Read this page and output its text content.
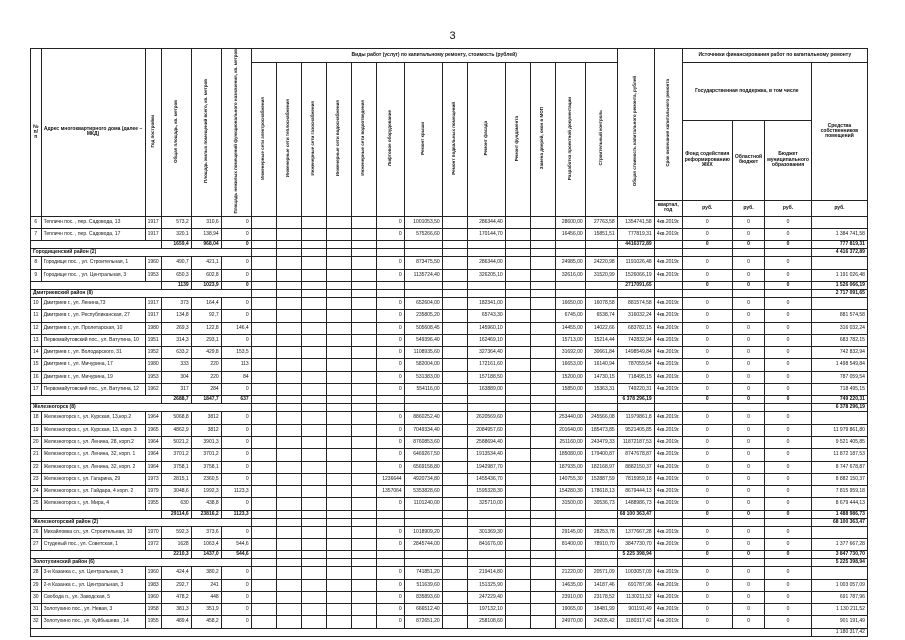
3
№ п/п	Адрес многоквартирного дома (далее – МКД)	Год постройки	Общая площадь, кв. метров	Площадь жилых помещений всего, кв. метров	Площадь нежилых помещений функционального назначения, кв. метров	Виды работ (услуг) по капитальному ремонту, стоимость (рублей)													Общая стоимость капитального ремонта, рублей	Срок окончания капитального ремонта	Источники финансирования работ по капитальному ремонту			
						Инженерные сети электроснабжения	Инженерные сети теплоснабжения	Инженерные сети газоснабжения	Инженерные сети водоснабжения	Инженерные сети водоотведения	Лифтовое оборудование	Ремонт крыши	Ремонт подвальных помещений	Ремонт фасада	Ремонт фундамента	Замена дверей, окон в МОП	Разработка проектной документации	Строительный контроль			Государственная поддержка, в том числе			Средства собственников помещений
																					Фонд содействия реформированию ЖКХ	Областной бюджет	Бюджет муниципального образования	
																				квартал, год	руб.	руб.	руб.	руб.
6	Тепличн пос. , пер. Садовода, 13	1917	573,2	310,6	0						0	1001053,50		286344,40			28600,00	27763,58	1354741,58	4кв.2019г.	0	0	0	
7	Тепличн пос. , пер. Садовода, 17	1917	320,1	138,94	0						0	575266,60		170144,70			16456,00	15851,51	777819,31	4кв.2019г.	0	0	0	1 384 741,58
			1659,4	968,04	0														4416372,89		0	0	0	777 819,31
Городищенский район (2)																								4 416 372,89
8	Городище пос. , ул. Строительная, 1	1960	490,7	421,1	0						0	873475,50		286344,00			24985,00	24220,98	1191026,48	4кв.2019г.	0	0	0	
9	Городище пос. , ул. Центральная, 3	1953	650,3	602,8	0						0	1135724,40		326205,10			32616,00	31520,99	1526066,19	4кв.2019г.	0	0	0	1 191 026,48
			1139	1023,9	0														2717091,65		0	0	0	1 526 066,19
Дмитриевский район (8)																								2 717 091,65
10	Дмитриев г., ул. Ленина,73	1917	373	164,4	0						0	652604,00		182341,00			16650,00	16078,58	881574,58	4кв.2019г.	0	0	0	
11	Дмитриев г., ул. Республиканская, 27	1917	134,8	92,7	0						0	235805,20		65743,30			6745,00	6538,74	316032,24	4кв.2019г.	0	0	0	881 574,58
12	Дмитриев г., ул. Пролетарская, 10	1980	269,3	122,8	146,4						0	505608,45		145960,10			14455,00	14022,66	683782,15	4кв.2019г.	0	0	0	316 032,24
13	Первомайутовский пос., ул. Ватутина, 10	1951	314,3	293,1	0						0	549396,40		162469,10			15713,00	15214,44	742832,94	4кв.2019г.	0	0	0	683 782,15
14	Дмитриев г., ул. Володарского, 31	1952	633,2	429,8	153,5						0	1108935,60		327364,40			31692,00	30661,84	1498549,84	4кв.2019г.	0	0	0	742 832,94
15	Дмитриев г., ул. Мичурина, 17	1980	333	220	113						0	582004,00		172161,60			16653,00	16140,94	787059,54	4кв.2019г.	0	0	0	1 498 549,84
16	Дмитриев г., ул. Мичурина, 19	1953	304	220	84						0	531383,00		157188,50			15200,00	14730,15	718495,15	4кв.2019г.	0	0	0	787 059,54
17	Первомайутовский пос., ул. Ватутина, 12	1962	317	284	0						0	554116,00		163889,00			15850,00	15363,31	749220,31	4кв.2019г.	0	0	0	718 495,15
			2688,7	1847,7	637														6 378 296,19		0	0	0	749 220,31
Железногорск (8)																								6 378 296,19
18	Железногорск г., ул. Курская, 13,кор.2	1964	5068,8	3812	0						0	8860252,40		2620569,60			253440,00	245566,08	11979861,8	4кв.2019г.	0	0	0	
19	Железногорск г., ул. Курская, 13, корп. 3	1965	4862,9	3812	0						0	7049334,40		2084957,60			201640,00	185473,85	9521405,85	4кв.2019г.	0	0	0	11 979 861,80
20	Железногорск г., ул. Ленина, 28, корп.2	1964	5021,2	3901,3	0						0	8760853,60		2588694,40			251160,00	243479,33	11872187,53	4кв.2019г.	0	0	0	9 521 405,85
21	Железногорск г., ул. Ленина, 32, корп. 1	1964	3701,2	3701,2	0						0	6469267,50		1913534,40			185080,00	179400,87	8747678,87	4кв.2019г.	0	0	0	11 872 187,53
22	Железногорск г., ул. Ленина, 32, корп. 2	1964	3758,1	3758,1	0						0	6569158,80		1942987,70			187935,00	182168,97	8882150,37	4кв.2019г.	0	0	0	8 747 678,87
23	Железногорск г., ул. Гагарина, 29	1973	2815,1	2360,5	0						1236644	4920734,80		1455436,70			140755,30	152887,59	7815959,18	4кв.2019г.	0	0	0	8 882 150,37
24	Железногорск г., ул. Гайдара, 4 корп. 2	1979	3048,6	1992,3	1123,3						1357064	5353828,60		1595328,30			154280,30	178618,13	8679444,13	4кв.2019г.	0	0	0	7 815 959,18
25	Железногорск г., ул. Мира, 4	1955	630	438,8	0						0	1101240,00		325710,00			31500,00	30536,73	1488986,73	4кв.2019г.	0	0	0	8 679 444,13
			29114,6	23816,2	1123,3														68 100 363,47		0	0	0	1 488 986,73
Железногорский район (2)																								68 100 363,47
26	Михайловка сл., ул. Строительная, 10	1970	592,3	373,6	0						0	1018909,20		301369,30			29145,00	28253,78	1377667,28	4кв.2019г.	0	0	0	
27	Студеный пос., ул. Советская, 1	1972	1628	1063,4	544,6						0	2845744,00		841676,00			81400,00	78910,70	3847730,70	4кв.2019г.	0	0	0	1 377 667,28
			2210,3	1437,0	544,6														5 225 398,94		0	0	0	3 847 730,70
Золотухинский район (6)																								5 225 398,94
28	3-и Казанка с., ул. Центральная, 3	1960	424,4	380,2	0						0	741851,20		219414,80			21220,00	20571,09	1003057,09	4кв.2019г.	0	0	0	
29	2-я Казанка с., ул. Центральная, 3	1983	292,7	241	0						0	511639,60		151325,90			14635,00	14187,46	691787,96	4кв.2019г.	0	0	0	1 003 057,09
30	Свобода п., ул. Заводская, 5	1960	478,2	448	0						0	835893,60		247229,40			23910,00	23178,52	1130211,52	4кв.2019г.	0	0	0	691 787,96
31	Золотухино пос., ул. Невая, 3	1958	381,3	351,9	0						0	666512,40		197132,10			19065,00	18481,99	901191,49	4кв.2019г.	0	0	0	1 130 211,52
32	Золотухино пос., ул. Куйбышева , 14	1955	489,4	458,2	0						0	872651,20		258108,60			24970,00	24205,42	1180317,42	4кв.2019г.	0	0	0	901 191,49
																								1 180 317,42
